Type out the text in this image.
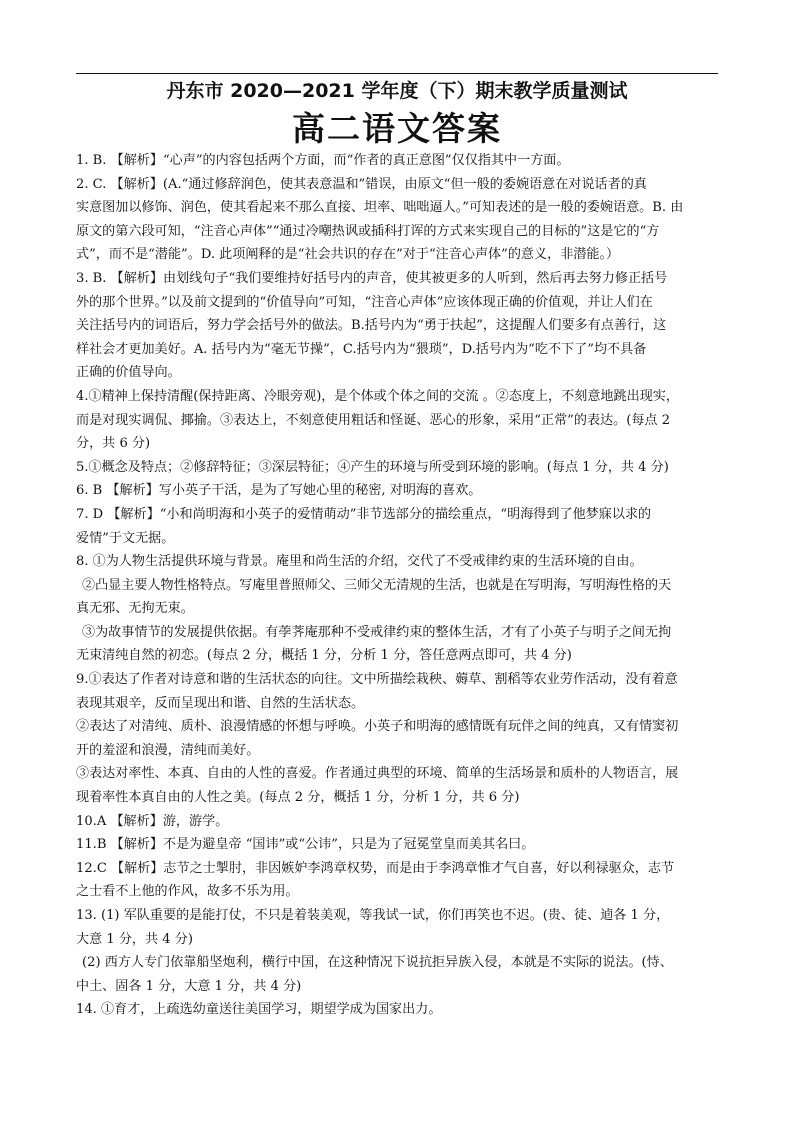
丹东市 2020—2021 学年度（下）期末教学质量测试
高二语文答案
1. B. 【解析】“心声”的内容包括两个方面，而“作者的真正意图”仅仅指其中一方面。
2. C. 【解析】(A.“通过修辞润色，使其表意温和”错误，由原文“但一般的委婉语意在对说话者的真
实意图加以修饰、润色，使其看起来不那么直接、坦率、咄咄逼人。”可知表述的是一般的委婉语意。B. 由
原文的第六段可知，“注音心声体”“通过冷嘲热讽或插科打诨的方式来实现自己的目标的”这是它的“方
式”，而不是“潜能”。D. 此项阐释的是“社会共识的存在”对于“注音心声体”的意义，非潜能。）
3. B. 【解析】由划线句子“我们要维持好括号内的声音，使其被更多的人听到，然后再去努力修正括号
外的那个世界。”以及前文提到的“价值导向”可知，“注音心声体”应该体现正确的价值观，并让人们在
关注括号内的词语后，努力学会括号外的做法。B.括号内为“勇于扶起”，这提醒人们要多有点善行，这
样社会才更加美好。A. 括号内为“毫无节操”，C.括号内为“猥琐”，D.括号内为“吃不下了”均不具备
正确的价值导向。
4.①精神上保持清醒(保持距离、冷眼旁观)，是个体或个体之间的交流 。②态度上，不刻意地跳出现实，
而是对现实调侃、揶揄。③表达上，不刻意使用粗话和怪诞、恶心的形象，采用“正常”的表达。(每点 2
分，共 6 分)
5.①概念及特点；②修辞特征；③深层特征；④产生的环境与所受到环境的影响。(每点 1 分，共 4 分)
6. B 【解析】写小英子干活，是为了写她心里的秘密, 对明海的喜欢。
7. D 【解析】“小和尚明海和小英子的爱情萌动”非节选部分的描绘重点，“明海得到了他梦寐以求的
爱情”于文无据。
8. ①为人物生活提供环境与背景。庵里和尚生活的介绍，交代了不受戒律约束的生活环境的自由。
②凸显主要人物性格特点。写庵里普照师父、三师父无清规的生活，也就是在写明海，写明海性格的天
真无邪、无拘无束。
③为故事情节的发展提供依据。有荸荠庵那种不受戒律约束的整体生活，才有了小英子与明子之间无拘
无束清纯自然的初恋。(每点 2 分，概括 1 分，分析 1 分，答任意两点即可，共 4 分)
9.①表达了作者对诗意和谐的生活状态的向往。文中所描绘栽秧、薅草、割稻等农业劳作活动，没有着意
表现其艰辛，反而呈现出和谐、自然的生活状态。
②表达了对清纯、质朴、浪漫情感的怀想与呼唤。小英子和明海的感情既有玩伴之间的纯真，又有情窦初
开的羞涩和浪漫，清纯而美好。
③表达对率性、本真、自由的人性的喜爱。作者通过典型的环境、简单的生活场景和质朴的人物语言，展
现着率性本真自由的人性之美。(每点 2 分，概括 1 分，分析 1 分，共 6 分)
10.A 【解析】游，游学。
11.B 【解析】不是为避皇帝 “国讳”或“公讳”，只是为了冠冕堂皇而美其名曰。
12.C 【解析】志节之士掣肘，非因嫉妒李鸿章权势，而是由于李鸿章惟才气自喜，好以利禄驱众，志节
之士看不上他的作风，故多不乐为用。
13. (1) 军队重要的是能打仗，不只是着装美观，等我试一试，你们再笑也不迟。(贵、徒、逌各 1 分，
大意 1 分，共 4 分)
(2) 西方人专门依靠船坚炮利，横行中国，在这种情况下说抗拒异族入侵，本就是不实际的说法。(恃、
中土、固各 1 分，大意 1 分，共 4 分)
14. ①育才，上疏选幼童送往美国学习，期望学成为国家出力。
